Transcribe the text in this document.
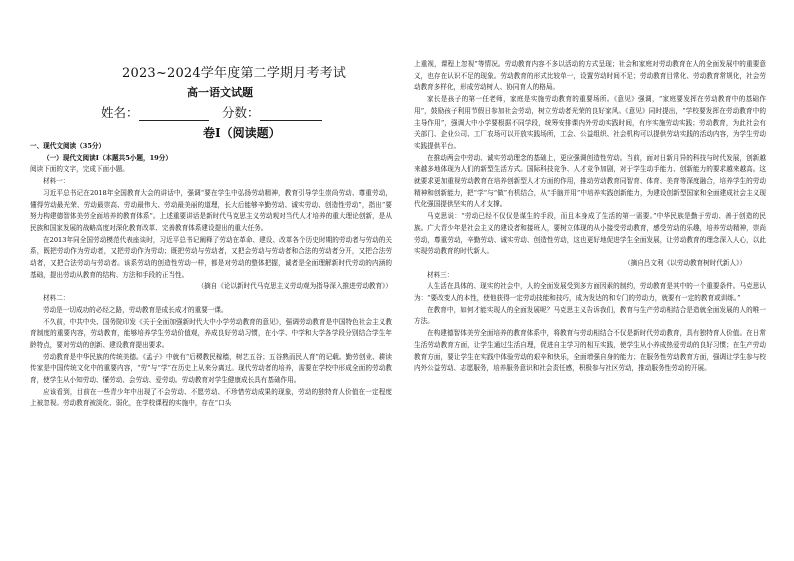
2023~2024学年度第二学期月考考试
高一语文试题
姓名：	分数：
卷Ⅰ（阅读题）

一、现代文阅读（35分）

（一）现代文阅读Ⅰ（本题共5小题，19分）

阅读下面的文字，完成下面小题。

材料一：

习近平总书记在2018年全国教育大会的讲话中，强调“要在学生中弘扬劳动精神，教育引导学生崇尚劳动、尊重劳动，懂得劳动最光荣、劳动最崇高、劳动最伟大、劳动最美丽的道理，长大后能够辛勤劳动、诚实劳动、创造性劳动”，指出“要努力构建德智体美劳全面培养的教育体系”。上述重要讲话是新时代马克思主义劳动观对当代人才培养的重大理论创新，是从民族和国家发展的战略高度对深化教育改革、完善教育体系建设提出的重大任务。

在2013年同全国劳动模范代表座谈时，习近平总书记阐释了劳动在革命、建设、改革各个历史时期的劳动者与劳动的关系，既把劳动作为劳动者，又把劳动作为劳动；既把劳动与劳动者，又把会劳动与劳动者和合法的劳动者分开，又把合法劳动者，又把合法劳动与劳动者。该系劳动的创造性劳动一样，都是对劳动的整体把握，诚者是全面理解新时代劳动的内涵的基础，提出劳动从教育的结构、方法和手段的正当性。

（摘自《论以新时代马克思主义劳动观为指导深入推进劳动教育》）

材料二：

劳动是一切成功的必经之路，劳动教育是成长成才的重要一课。

不久前，中共中央、国务院印发《关于全面加强新时代大中小学劳动教育的意见》，强调劳动教育是中国特色社会主义教育制度的重要内容，劳动教育，能够培养学生劳动价值观，养成良好劳动习惯，在小学、中学和大学各学段分别结合学生年龄特点，要对劳动的创新、建设教育提出要求。

劳动教育是中华民族的传统美德。《孟子》中就有“后稷教民稼穑，树艺五谷；五谷熟而民人育”的记载。勤劳创业、耕读传家是中国传统文化中的重要内容，“劳”与“学”在历史上从来分离过。现代劳动者的培养，需要在学校中形成全面的劳动教育，使学生从小知劳动、懂劳动、会劳动、爱劳动。劳动教育对学生健康成长具有基础作用。

应该看到，目前在一些青少年中出现了不会劳动、不愿劳动、不珍惜劳动成果的现象，劳动的独特育人价值在一定程度上被忽视。劳动教育被淡化、弱化，在学校课程的实施中，存在“口头

上重视，课程上忽视”等情况。劳动教育内容不多以活动的方式呈现；社会和家庭对劳动教育在人的全面发展中的重要意义，也存在认识不足的现象。劳动教育的形式比较单一，设置劳动时间不足；劳动教育目常化、劳动教育常规化，社会劳动教育多样化，形成劳动树人、协同育人的格局。

家长是孩子的第一任老师，家庭是实施劳动教育的重要场所。《意见》强调，“家庭要发挥在劳动教育中的基础作用”，鼓励孩子利用节假日参加社会劳动，树立劳动者光荣的良好家风。《意见》同时提出，“学校要发挥在劳动教育中的主导作用”，强调大中小学要根据不同学段，统筹安排课内外劳动实践时间，有序实施劳动实践；劳动教育，为此社会有关部门、企业公司、工厂农场可以开放实践场所，工会、公益组织、社会机构可以提供劳动实践的活动内容，为学生劳动实践提供平台。

在推动两会中劳动、诚实劳动理念的基础上，更应强调创造性劳动。当前，面对日新月异的科技与时代发展，创新越来越多地体现为人们的新型生活方式。国际科技竞争、人才竞争加剧，对于学生动手能力、创新能力的要求越来越高。这就要求更加重视劳动教育在培养创新型人才方面的作用，推动劳动教育同智育、体育、美育等深度融合，培养学生的劳动精神和创新能力，把“学”与“做”有机结合，从“手脑并用”中培养实践创新能力，为建设创新型国家和全面建成社会主义现代化强国提供坚实的人才支撑。

马克思说：“劳动已经不仅仅是谋生的手段，而且本身成了生活的第一需要。”中华民族是勤于劳动、善于创造的民族。广大青少年是社会主义的建设者和接班人，要树立体现的从小接受劳动教育，感受劳动的乐趣，培养劳动精神，崇尚劳动，尊重劳动，辛勤劳动、诚实劳动、创造性劳动，这也更好地促进学生全面发展，让劳动教育的理念深入人心，以此实现劳动教育的时代新人。

（摘自吕文利《以劳动教育树时代新人》）

材料三：

人生活在具体的、现实的社会中，人的全面发展受到多方面因素的制约，劳动教育是其中的一个重要条件。马克思认为：“要改变人的本性，使他获得一定劳动技能和技巧，成为发达的和专门的劳动力，就要有一定的教育或训练。”

在教育中，如何才能实现人的全面发展呢？马克思主义告诉我们，教育与生产劳动相结合是造就全面发展的人的唯一方法。

在构建德智体美劳全面培养的教育体系中，将教育与劳动相结合不仅是新时代劳动教育，具有独特育人价值。在日常生活劳动教育方面，让学生通过生活自理，促进自主学习的相互实践，使学生从小养成热爱劳动的良好习惯；在生产劳动教育方面，要让学生在实践中体验劳动的艰辛和快乐，全面增强自身的能力；在服务性劳动教育方面，强调让学生参与校内外公益劳动、志愿服务，培养服务意识和社会责任感，积极参与社区劳动，推动服务性劳动的开展。
